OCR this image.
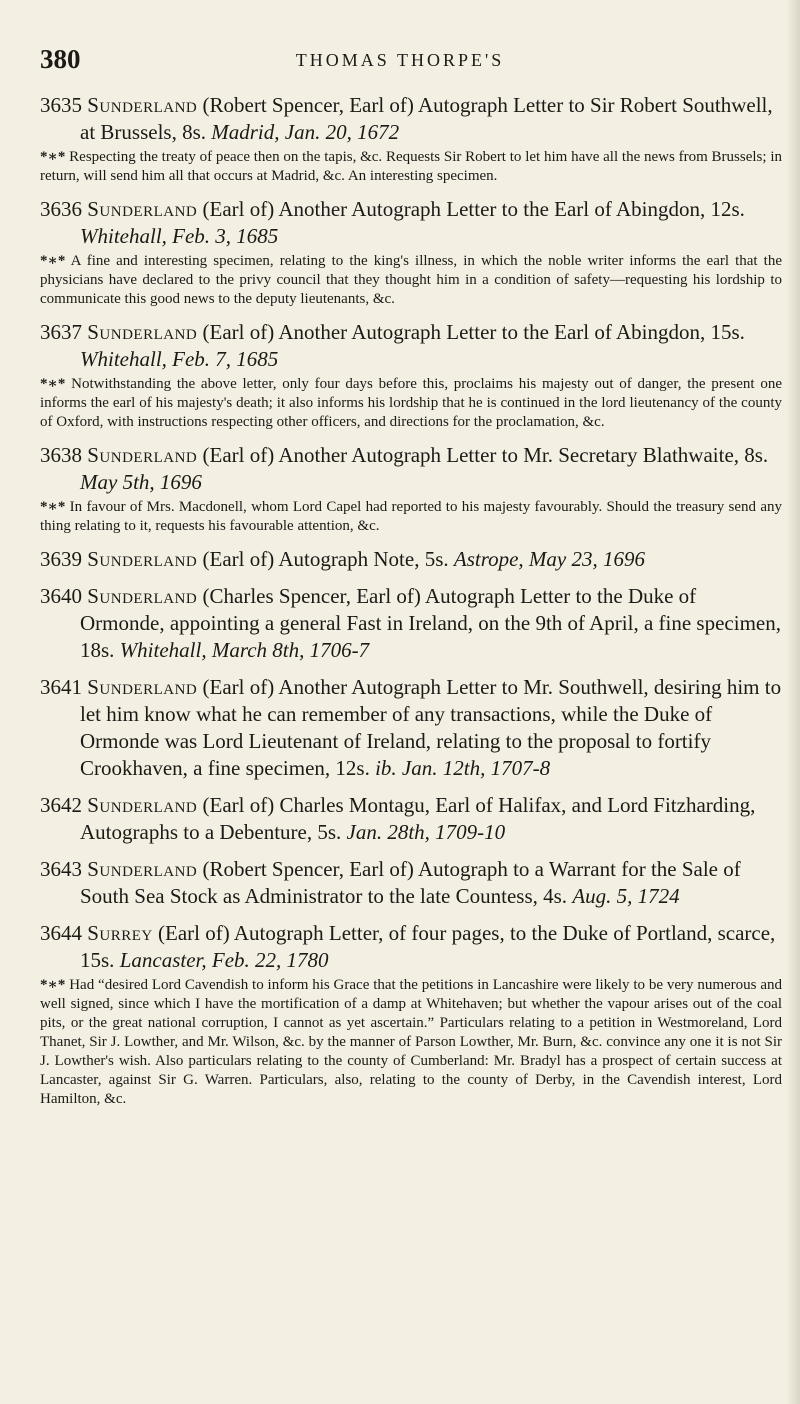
380	THOMAS THORPE'S
3635 Sunderland (Robert Spencer, Earl of) Autograph Letter to Sir Robert Southwell, at Brussels, 8s. Madrid, Jan. 20, 1672
*∗* Respecting the treaty of peace then on the tapis, &c. Requests Sir Robert to let him have all the news from Brussels; in return, will send him all that occurs at Madrid, &c. An interesting specimen.
3636 Sunderland (Earl of) Another Autograph Letter to the Earl of Abingdon, 12s. Whitehall, Feb. 3, 1685
*∗* A fine and interesting specimen, relating to the king's illness, in which the noble writer informs the earl that the physicians have declared to the privy council that they thought him in a condition of safety—requesting his lordship to communicate this good news to the deputy lieutenants, &c.
3637 Sunderland (Earl of) Another Autograph Letter to the Earl of Abingdon, 15s. Whitehall, Feb. 7, 1685
*∗* Notwithstanding the above letter, only four days before this, proclaims his majesty out of danger, the present one informs the earl of his majesty's death; it also informs his lordship that he is continued in the lord lieutenancy of the county of Oxford, with instructions respecting other officers, and directions for the proclamation, &c.
3638 Sunderland (Earl of) Another Autograph Letter to Mr. Secretary Blathwaite, 8s. May 5th, 1696
*∗* In favour of Mrs. Macdonell, whom Lord Capel had reported to his majesty favourably. Should the treasury send any thing relating to it, requests his favourable attention, &c.
3639 Sunderland (Earl of) Autograph Note, 5s. Astrope, May 23, 1696
3640 Sunderland (Charles Spencer, Earl of) Autograph Letter to the Duke of Ormonde, appointing a general Fast in Ireland, on the 9th of April, a fine specimen, 18s. Whitehall, March 8th, 1706-7
3641 Sunderland (Earl of) Another Autograph Letter to Mr. Southwell, desiring him to let him know what he can remember of any transactions, while the Duke of Ormonde was Lord Lieutenant of Ireland, relating to the proposal to fortify Crookhaven, a fine specimen, 12s. ib. Jan. 12th, 1707-8
3642 Sunderland (Earl of) Charles Montagu, Earl of Halifax, and Lord Fitzharding, Autographs to a Debenture, 5s. Jan. 28th, 1709-10
3643 Sunderland (Robert Spencer, Earl of) Autograph to a Warrant for the Sale of South Sea Stock as Administrator to the late Countess, 4s. Aug. 5, 1724
3644 Surrey (Earl of) Autograph Letter, of four pages, to the Duke of Portland, scarce, 15s. Lancaster, Feb. 22, 1780
*∗* Had “desired Lord Cavendish to inform his Grace that the petitions in Lancashire were likely to be very numerous and well signed, since which I have the mortification of a damp at Whitehaven; but whether the vapour arises out of the coal pits, or the great national corruption, I cannot as yet ascertain.” Particulars relating to a petition in Westmoreland, Lord Thanet, Sir J. Lowther, and Mr. Wilson, &c. by the manner of Parson Lowther, Mr. Burn, &c. convince any one it is not Sir J. Lowther's wish. Also particulars relating to the county of Cumberland: Mr. Bradyl has a prospect of certain success at Lancaster, against Sir G. Warren. Particulars, also, relating to the county of Derby, in the Cavendish interest, Lord Hamilton, &c.
